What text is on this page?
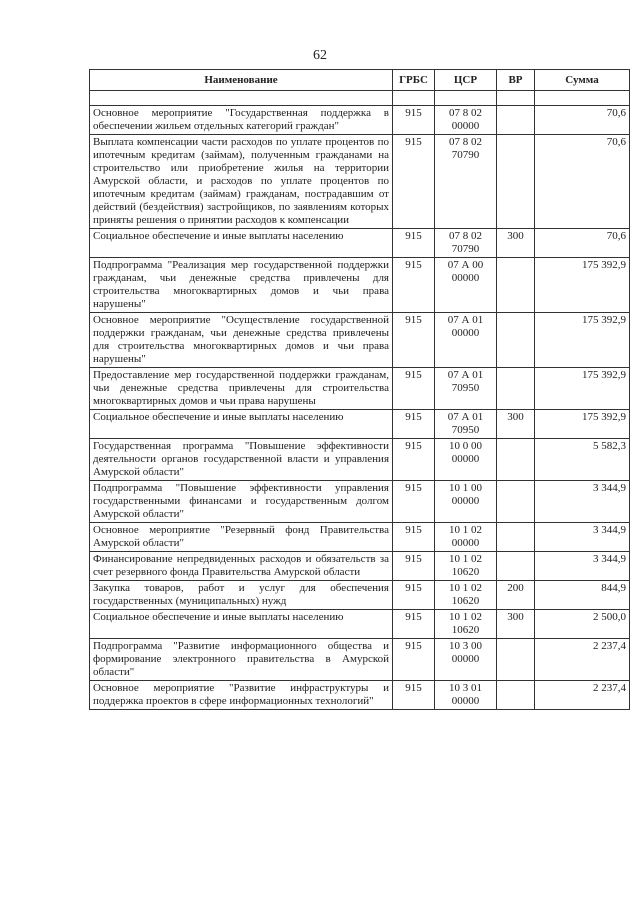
62
Наименование	ГРБС	ЦСР	ВР	Сумма

Основное мероприятие "Государственная поддержка в обеспечении жильем отдельных категорий граждан"	915	07 8 02 00000		70,6
Выплата компенсации части расходов по уплате процентов по ипотечным кредитам (займам), полученным гражданами на строительство или приобретение жилья на территории Амурской области, и расходов по уплате процентов по ипотечным кредитам (займам) гражданам, пострадавшим от действий (бездействия) застройщиков, по заявлениям которых приняты решения о принятии расходов к компенсации	915	07 8 02 70790		70,6
Социальное обеспечение и иные выплаты населению	915	07 8 02 70790	300	70,6
Подпрограмма "Реализация мер государственной поддержки гражданам, чьи денежные средства привлечены для строительства многоквартирных домов и чьи права нарушены"	915	07 А 00 00000		175 392,9
Основное мероприятие "Осуществление государственной поддержки гражданам, чьи денежные средства привлечены для строительства многоквартирных домов и чьи права нарушены"	915	07 А 01 00000		175 392,9
Предоставление мер государственной поддержки гражданам, чьи денежные средства привлечены для строительства многоквартирных домов и чьи права нарушены	915	07 А 01 70950		175 392,9
Социальное обеспечение и иные выплаты населению	915	07 А 01 70950	300	175 392,9
Государственная программа "Повышение эффективности деятельности органов государственной власти и управления Амурской области"	915	10 0 00 00000		5 582,3
Подпрограмма "Повышение эффективности управления государственными финансами и государственным долгом Амурской области"	915	10 1 00 00000		3 344,9
Основное мероприятие "Резервный фонд Правительства Амурской области"	915	10 1 02 00000		3 344,9
Финансирование непредвиденных расходов и обязательств за счет резервного фонда Правительства Амурской области	915	10 1 02 10620		3 344,9
Закупка товаров, работ и услуг для обеспечения государственных (муниципальных) нужд	915	10 1 02 10620	200	844,9
Социальное обеспечение и иные выплаты населению	915	10 1 02 10620	300	2 500,0
Подпрограмма "Развитие информационного общества и формирование электронного правительства в Амурской области"	915	10 3 00 00000		2 237,4
Основное мероприятие "Развитие инфраструктуры и поддержка проектов в сфере информационных технологий"	915	10 3 01 00000		2 237,4
